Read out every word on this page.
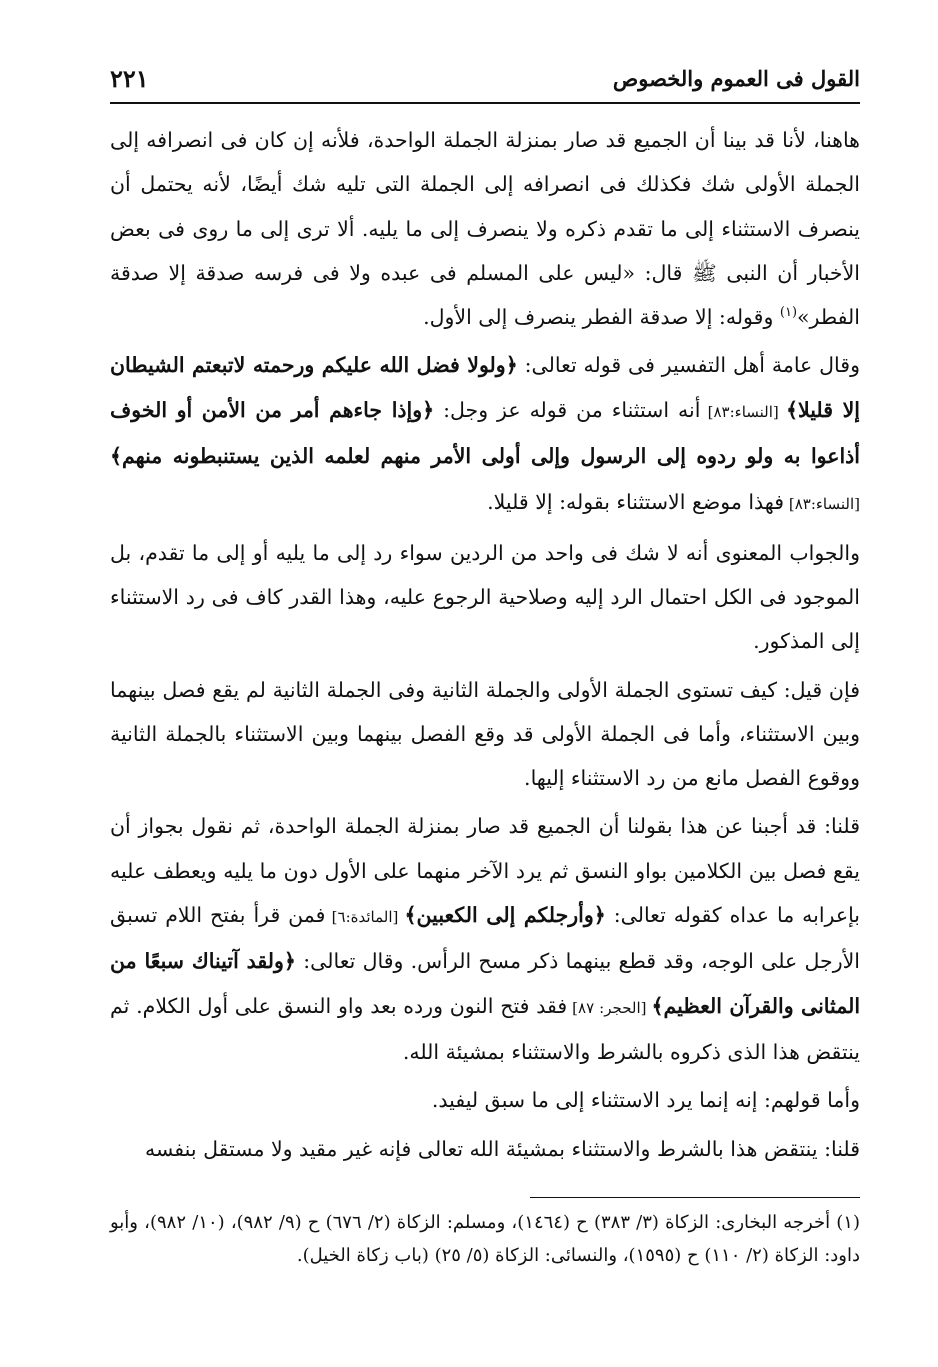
القول فى العموم والخصوص
٢٢١

هاهنا، لأنا قد بينا أن الجميع قد صار بمنزلة الجملة الواحدة، فلأنه إن كان فى انصرافه إلى الجملة الأولى شك فكذلك فى انصرافه إلى الجملة التى تليه شك أيضًا، لأنه يحتمل أن ينصرف الاستثناء إلى ما تقدم ذكره ولا ينصرف إلى ما يليه. ألا ترى إلى ما روى فى بعض الأخبار أن النبى ﷺ قال: «ليس على المسلم فى عبده ولا فى فرسه صدقة إلا صدقة الفطر»$^{(١)}$ وقوله: إلا صدقة الفطر ينصرف إلى الأول.

وقال عامة أهل التفسير فى قوله تعالى: ﴿ولولا فضل الله عليكم ورحمته لاتبعتم الشيطان إلا قليلا﴾ [النساء:٨٣] أنه استثناء من قوله عز وجل: ﴿وإذا جاءهم أمر من الأمن أو الخوف أذاعوا به ولو ردوه إلى الرسول وإلى أولى الأمر منهم لعلمه الذين يستنبطونه منهم﴾ [النساء:٨٣] فهذا موضع الاستثناء بقوله: إلا قليلا.

والجواب المعنوى أنه لا شك فى واحد من الردين سواء رد إلى ما يليه أو إلى ما تقدم، بل الموجود فى الكل احتمال الرد إليه وصلاحية الرجوع عليه، وهذا القدر كاف فى رد الاستثناء إلى المذكور.

فإن قيل: كيف تستوى الجملة الأولى والجملة الثانية وفى الجملة الثانية لم يقع فصل بينهما وبين الاستثناء، وأما فى الجملة الأولى قد وقع الفصل بينهما وبين الاستثناء بالجملة الثانية ووقوع الفصل مانع من رد الاستثناء إليها.

قلنا: قد أجبنا عن هذا بقولنا أن الجميع قد صار بمنزلة الجملة الواحدة، ثم نقول بجواز أن يقع فصل بين الكلامين بواو النسق ثم يرد الآخر منهما على الأول دون ما يليه ويعطف عليه بإعرابه ما عداه كقوله تعالى: ﴿وأرجلكم إلى الكعبين﴾ [المائدة:٦] فمن قرأ بفتح اللام تسبق الأرجل على الوجه، وقد قطع بينهما ذكر مسح الرأس. وقال تعالى: ﴿ولقد آتيناك سبعًا من المثانى والقرآن العظيم﴾ [الحجر: ٨٧] فقد فتح النون ورده بعد واو النسق على أول الكلام. ثم ينتقض هذا الذى ذكروه بالشرط والاستثناء بمشيئة الله.

وأما قولهم: إنه إنما يرد الاستثناء إلى ما سبق ليفيد.

قلنا: ينتقض هذا بالشرط والاستثناء بمشيئة الله تعالى فإنه غير مقيد ولا مستقل بنفسه

(١) أخرجه البخارى: الزكاة (٣/ ٣٨٣) ح (١٤٦٤)، ومسلم: الزكاة (٢/ ٦٧٦) ح (٩/ ٩٨٢)، (١٠/ ٩٨٢)، وأبو داود: الزكاة (٢/ ١١٠) ح (١٥٩٥)، والنسائى: الزكاة (٥/ ٢٥) (باب زكاة الخيل).
